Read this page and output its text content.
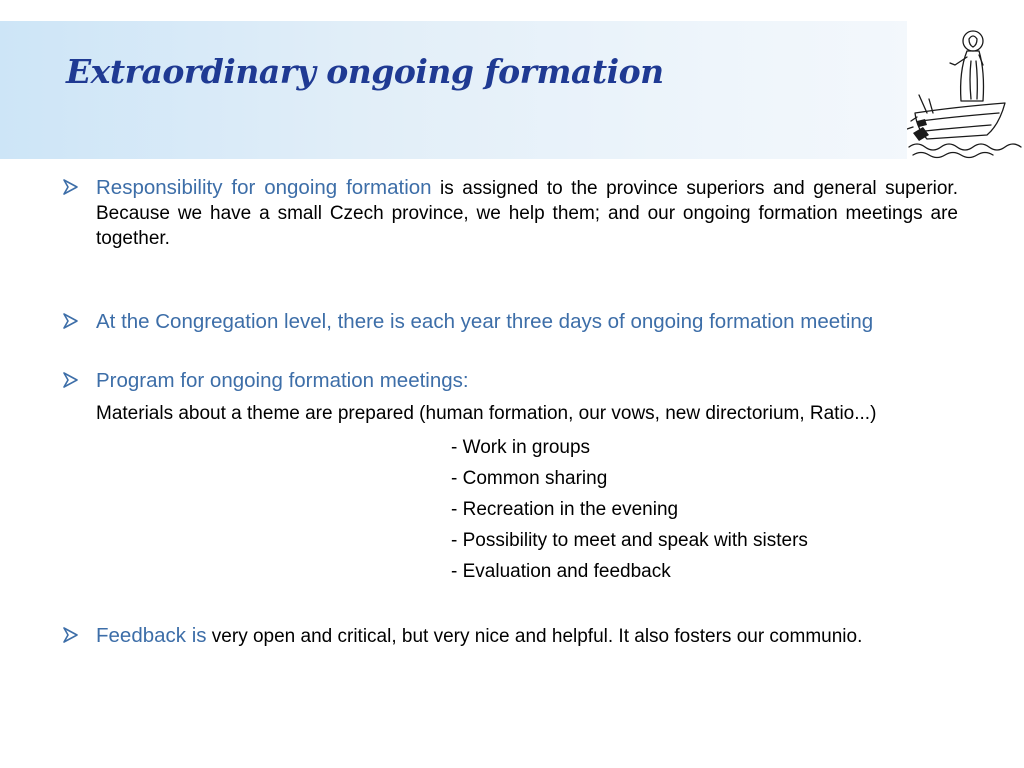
Extraordinary ongoing formation

Responsibility for ongoing formation is assigned to the province superiors and general superior. Because we have a small Czech province, we help them; and our ongoing formation meetings are together.

At the Congregation level, there is each year three days of ongoing formation meeting

Program for ongoing formation meetings:

Materials about a theme are prepared (human formation, our vows, new directorium, Ratio...)

- Work in groups
- Common sharing
- Recreation in the evening
- Possibility to meet and speak with sisters
- Evaluation and feedback

Feedback is very open and critical, but very nice and helpful. It also fosters our communio.
